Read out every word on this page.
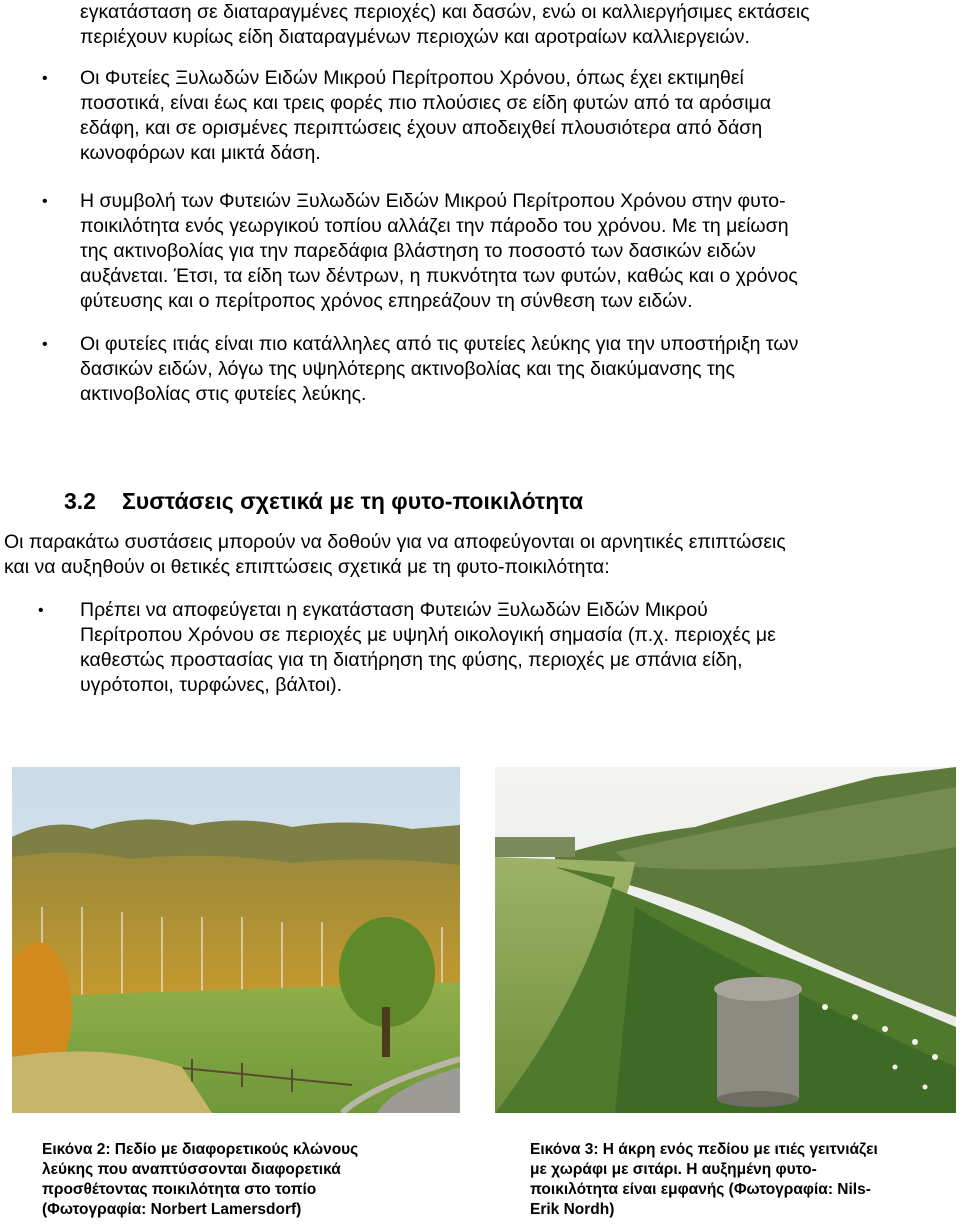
εγκατάσταση σε διαταραγμένες περιοχές) και δασών, ενώ οι καλλιεργήσιμες εκτάσεις
περιέχουν κυρίως είδη διαταραγμένων περιοχών και αροτραίων καλλιεργειών.
• Οι Φυτείες Ξυλωδών Ειδών Μικρού Περίτροπου Χρόνου, όπως έχει εκτιμηθεί
ποσοτικά, είναι έως και τρεις φορές πιο πλούσιες σε είδη φυτών από τα αρόσιμα
εδάφη, και σε ορισμένες περιπτώσεις έχουν αποδειχθεί πλουσιότερα από δάση
κωνοφόρων και μικτά δάση.
• Η συμβολή των Φυτειών Ξυλωδών Ειδών Μικρού Περίτροπου Χρόνου στην φυτο-
ποικιλότητα ενός γεωργικού τοπίου αλλάζει την πάροδο του χρόνου. Με τη μείωση
της ακτινοβολίας για την παρεδάφια βλάστηση το ποσοστό των δασικών ειδών
αυξάνεται. Έτσι, τα είδη των δέντρων, η πυκνότητα των φυτών, καθώς και ο χρόνος
φύτευσης και ο περίτροπος χρόνος επηρεάζουν τη σύνθεση των ειδών.
• Οι φυτείες ιτιάς είναι πιο κατάλληλες από τις φυτείες λεύκης για την υποστήριξη των
δασικών ειδών, λόγω της υψηλότερης ακτινοβολίας και της διακύμανσης της
ακτινοβολίας στις φυτείες λεύκης.
3.2 Συστάσεις σχετικά με τη φυτο-ποικιλότητα
Οι παρακάτω συστάσεις μπορούν να δοθούν για να αποφεύγονται οι αρνητικές επιπτώσεις
και να αυξηθούν οι θετικές επιπτώσεις σχετικά με τη φυτο-ποικιλότητα:
• Πρέπει να αποφεύγεται η εγκατάσταση Φυτειών Ξυλωδών Ειδών Μικρού
Περίτροπου Χρόνου σε περιοχές με υψηλή οικολογική σημασία (π.χ. περιοχές με
καθεστώς προστασίας για τη διατήρηση της φύσης, περιοχές με σπάνια είδη,
υγρότοποι, τυρφώνες, βάλτοι).
Εικόνα 2: Πεδίο με διαφορετικούς κλώνους
λεύκης που αναπτύσσονται διαφορετικά
προσθέτοντας ποικιλότητα στο τοπίο
(Φωτογραφία: Norbert Lamersdorf)
Εικόνα 3: Η άκρη ενός πεδίου με ιτιές γειτνιάζει
με χωράφι με σιτάρι. Η αυξημένη φυτο-
ποικιλότητα είναι εμφανής (Φωτογραφία: Nils-
Erik Nordh)
